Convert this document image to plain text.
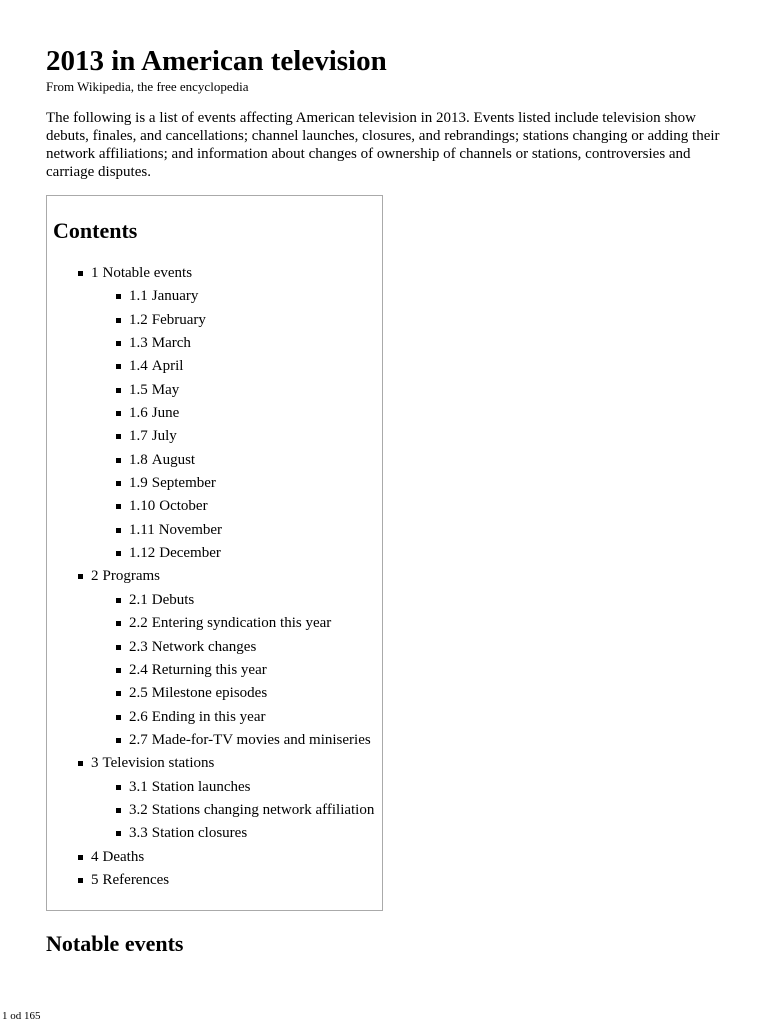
2013 in American television
From Wikipedia, the free encyclopedia

The following is a list of events affecting American television in 2013. Events listed include television show debuts, finales, and cancellations; channel launches, closures, and rebrandings; stations changing or adding their network affiliations; and information about changes of ownership of channels or stations, controversies and carriage disputes.

Contents
1 Notable events
1.1 January
1.2 February
1.3 March
1.4 April
1.5 May
1.6 June
1.7 July
1.8 August
1.9 September
1.10 October
1.11 November
1.12 December
2 Programs
2.1 Debuts
2.2 Entering syndication this year
2.3 Network changes
2.4 Returning this year
2.5 Milestone episodes
2.6 Ending in this year
2.7 Made-for-TV movies and miniseries
3 Television stations
3.1 Station launches
3.2 Stations changing network affiliation
3.3 Station closures
4 Deaths
5 References
Notable events
1 od 165
